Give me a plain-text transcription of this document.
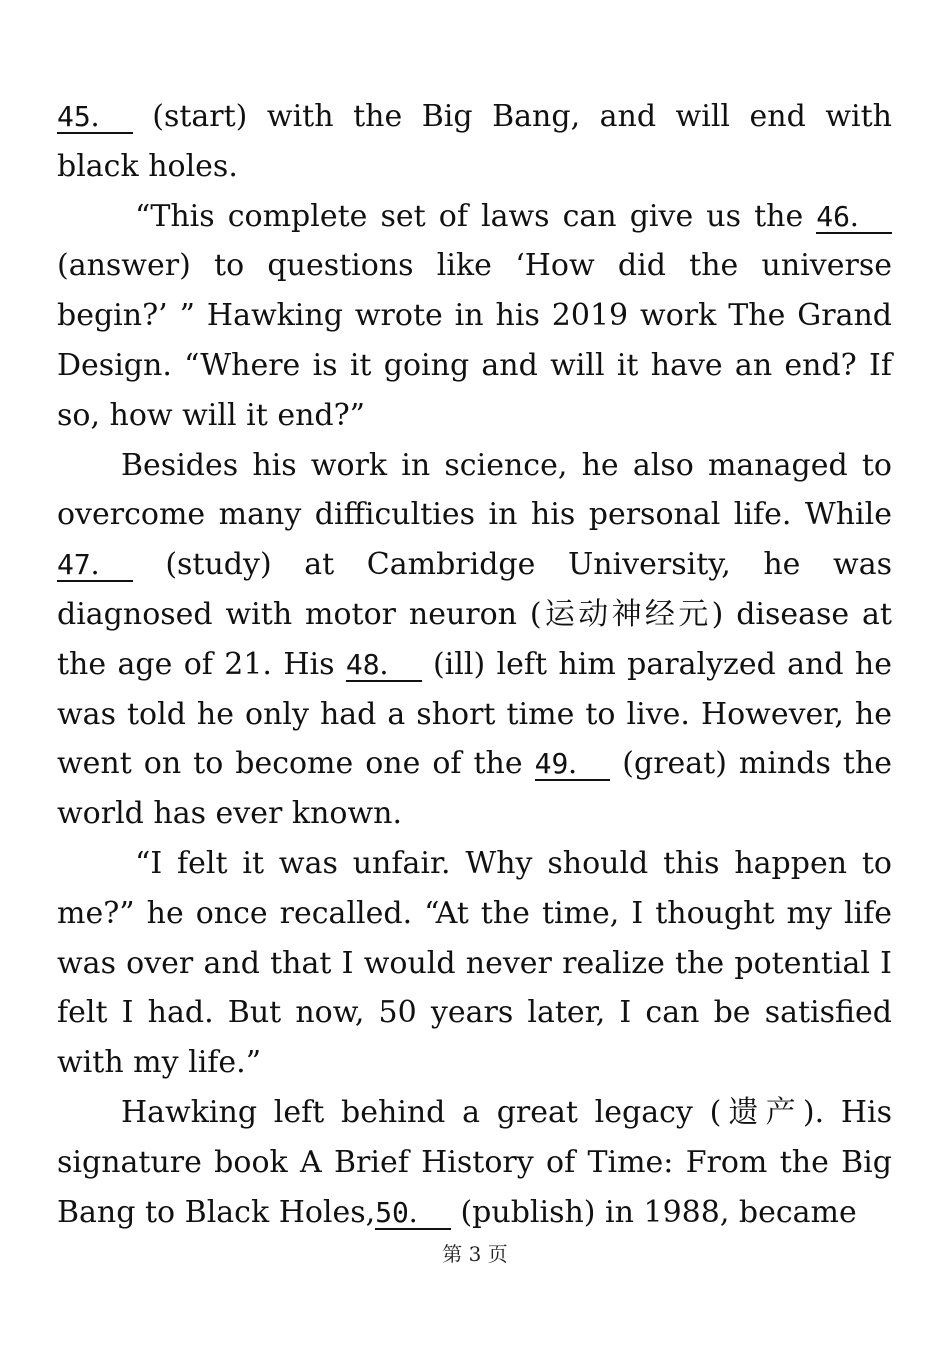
45． (start) with the Big Bang, and will end with black holes.

“This complete set of laws can give us the 46． (answer) to questions like ‘How did the universe begin?’ ” Hawking wrote in his 2019 work The Grand Design. “Where is it going and will it have an end? If so, how will it end?”

Besides his work in science, he also managed to overcome many difficulties in his personal life. While 47． (study) at Cambridge University, he was diagnosed with motor neuron (运动神经元) disease at the age of 21. His 48． (ill) left him paralyzed and he was told he only had a short time to live. However, he went on to become one of the 49． (great) minds the world has ever known.

“I felt it was unfair. Why should this happen to me?” he once recalled. “At the time, I thought my life was over and that I would never realize the potential I felt I had. But now, 50 years later, I can be satisfied with my life.”

Hawking left behind a great legacy (遗产). His signature book A Brief History of Time: From the Big Bang to Black Holes,50． (publish) in 1988, became

第 3 页
